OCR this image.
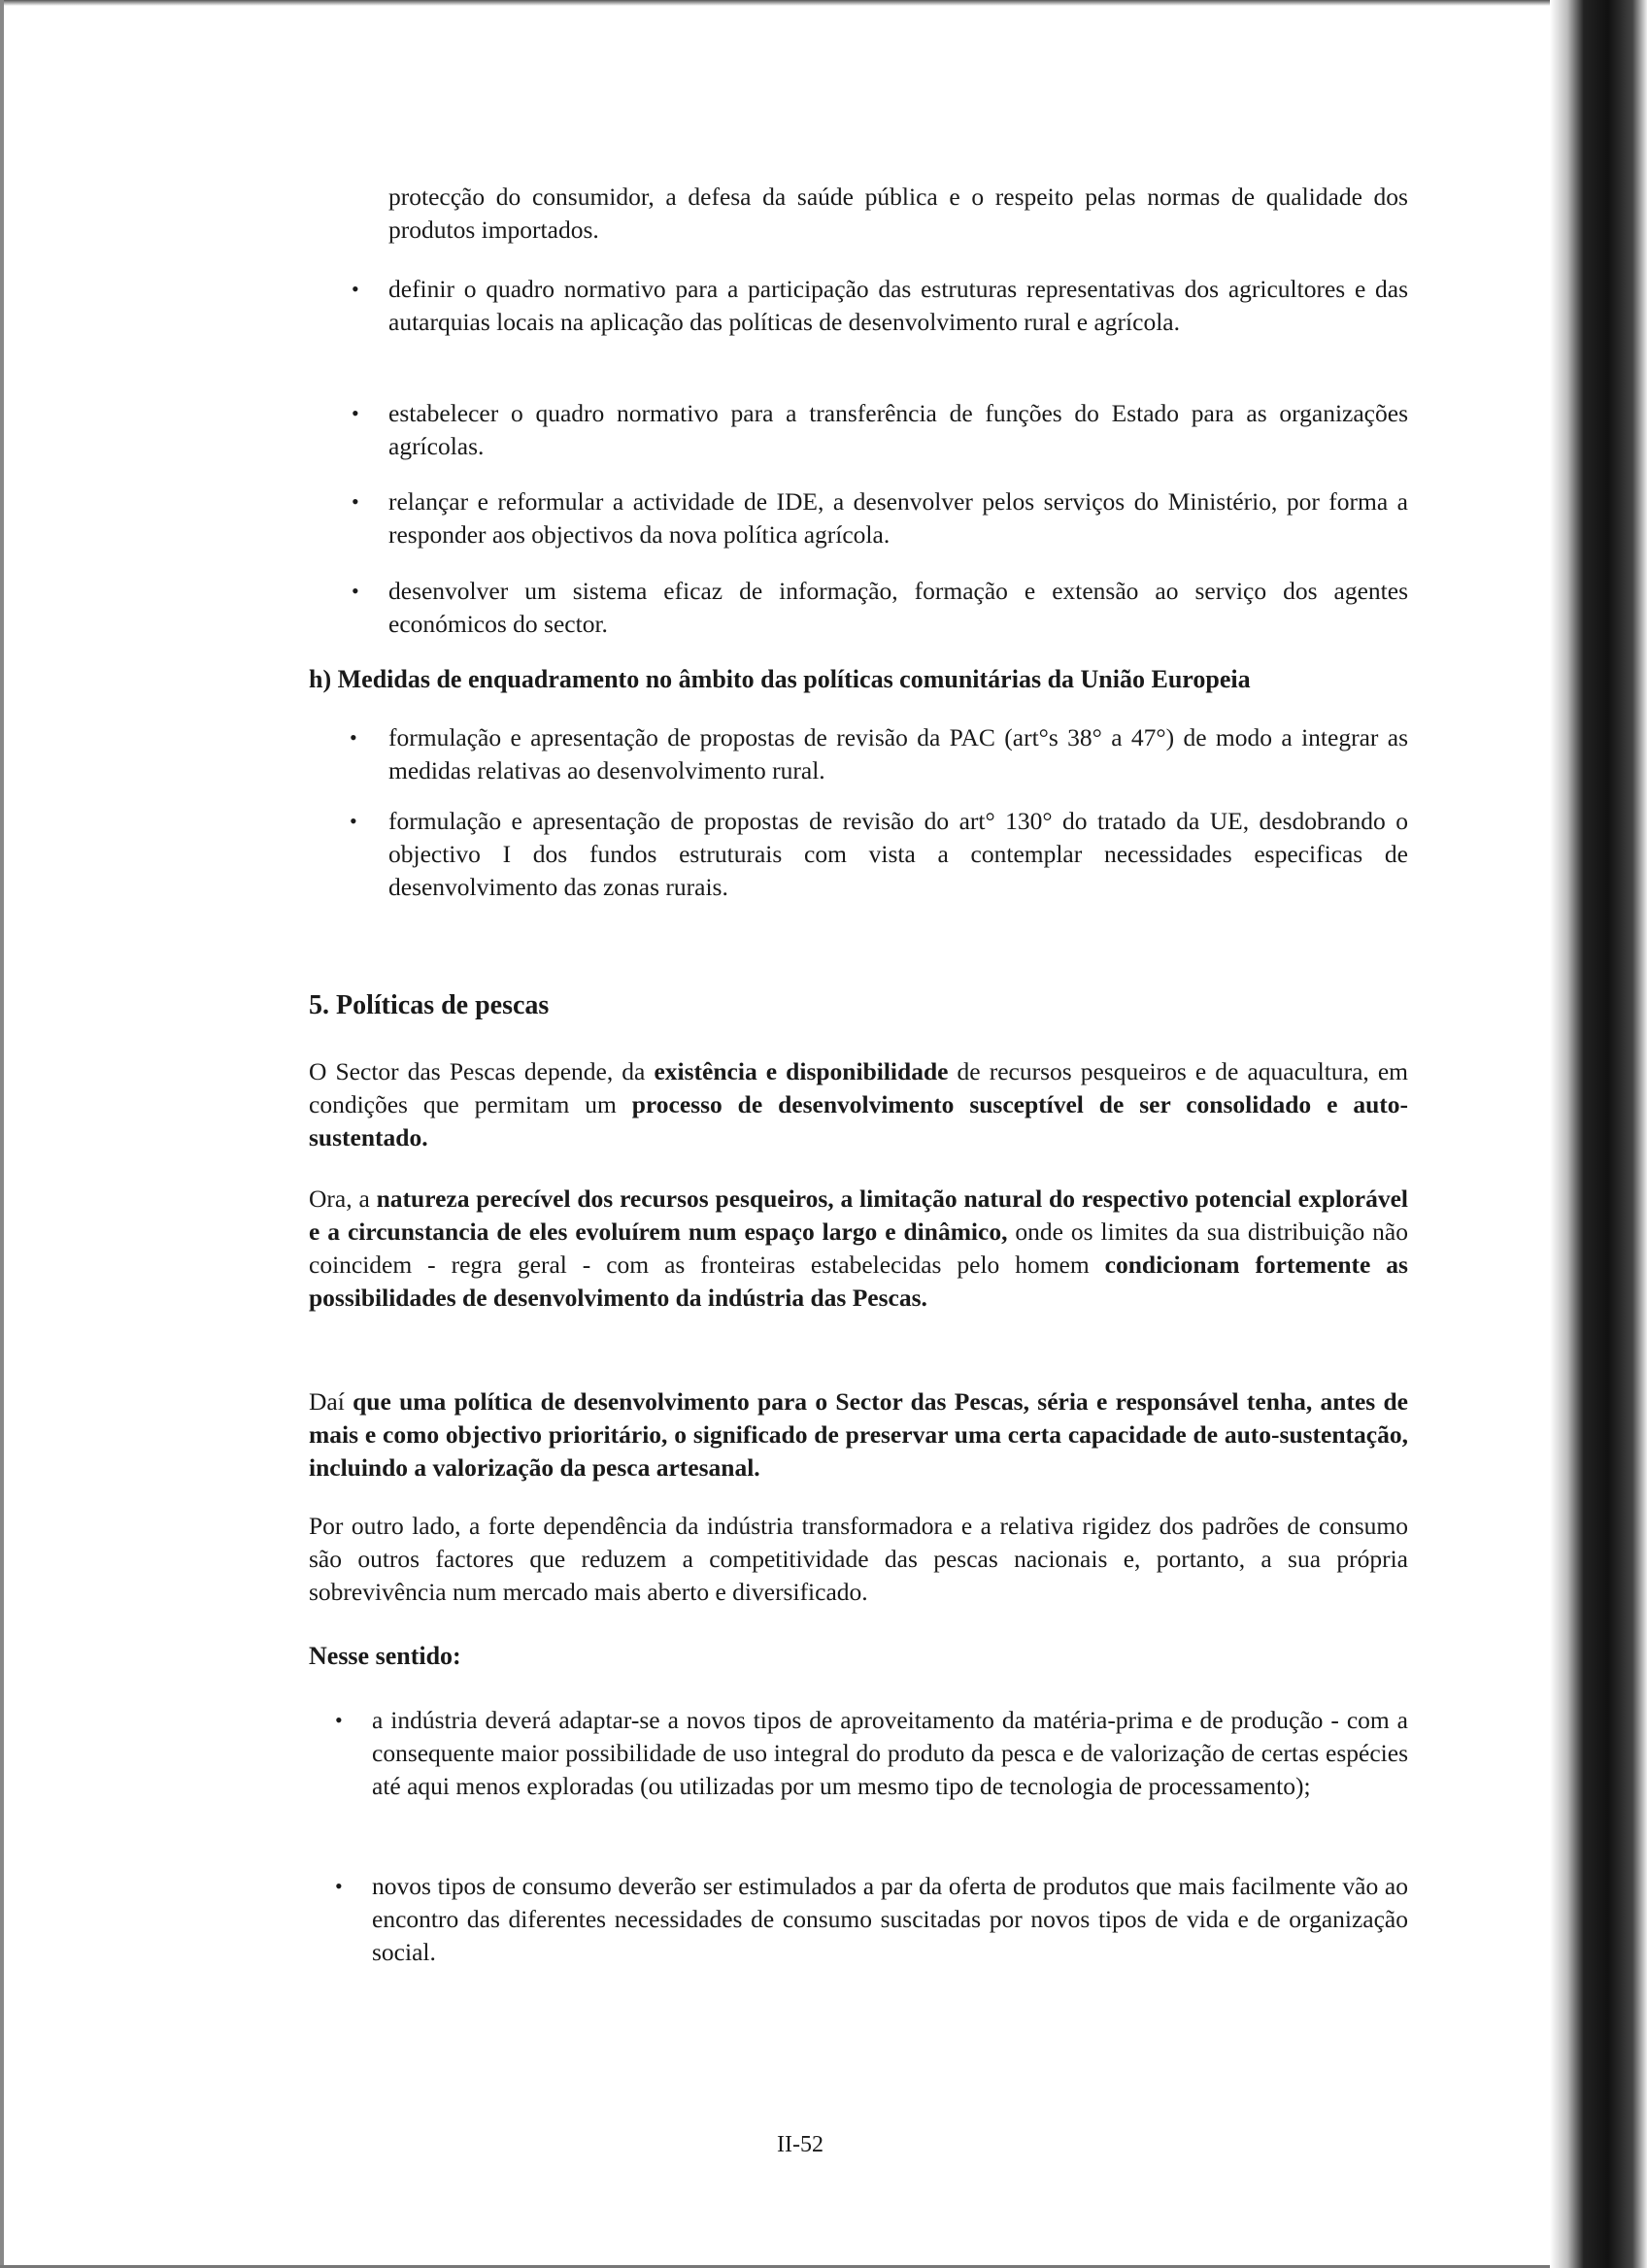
protecção do consumidor, a defesa da saúde pública e o respeito pelas normas de qualidade dos produtos importados.
• definir o quadro normativo para a participação das estruturas representativas dos agricultores e das autarquias locais na aplicação das políticas de desenvolvimento rural e agrícola.
• estabelecer o quadro normativo para a transferência de funções do Estado para as organizações agrícolas.
• relançar e reformular a actividade de IDE, a desenvolver pelos serviços do Ministério, por forma a responder aos objectivos da nova política agrícola.
• desenvolver um sistema eficaz de informação, formação e extensão ao serviço dos agentes económicos do sector.
h) Medidas de enquadramento no âmbito das políticas comunitárias da União Europeia
• formulação e apresentação de propostas de revisão da PAC (art°s 38° a 47°) de modo a integrar as medidas relativas ao desenvolvimento rural.
• formulação e apresentação de propostas de revisão do art° 130° do tratado da UE, desdobrando o objectivo I dos fundos estruturais com vista a contemplar necessidades especificas de desenvolvimento das zonas rurais.
5. Políticas de pescas
O Sector das Pescas depende, da existência e disponibilidade de recursos pesqueiros e de aquacultura, em condições que permitam um processo de desenvolvimento susceptível de ser consolidado e auto-sustentado.
Ora, a natureza perecível dos recursos pesqueiros, a limitação natural do respectivo potencial explorável e a circunstancia de eles evoluírem num espaço largo e dinâmico, onde os limites da sua distribuição não coincidem - regra geral - com as fronteiras estabelecidas pelo homem condicionam fortemente as possibilidades de desenvolvimento da indústria das Pescas.
Daí que uma política de desenvolvimento para o Sector das Pescas, séria e responsável tenha, antes de mais e como objectivo prioritário, o significado de preservar uma certa capacidade de auto-sustentação, incluindo a valorização da pesca artesanal.
Por outro lado, a forte dependência da indústria transformadora e a relativa rigidez dos padrões de consumo são outros factores que reduzem a competitividade das pescas nacionais e, portanto, a sua própria sobrevivência num mercado mais aberto e diversificado.
Nesse sentido:
• a indústria deverá adaptar-se a novos tipos de aproveitamento da matéria-prima e de produção - com a consequente maior possibilidade de uso integral do produto da pesca e de valorização de certas espécies até aqui menos exploradas (ou utilizadas por um mesmo tipo de tecnologia de processamento);
• novos tipos de consumo deverão ser estimulados a par da oferta de produtos que mais facilmente vão ao encontro das diferentes necessidades de consumo suscitadas por novos tipos de vida e de organização social.
II-52
